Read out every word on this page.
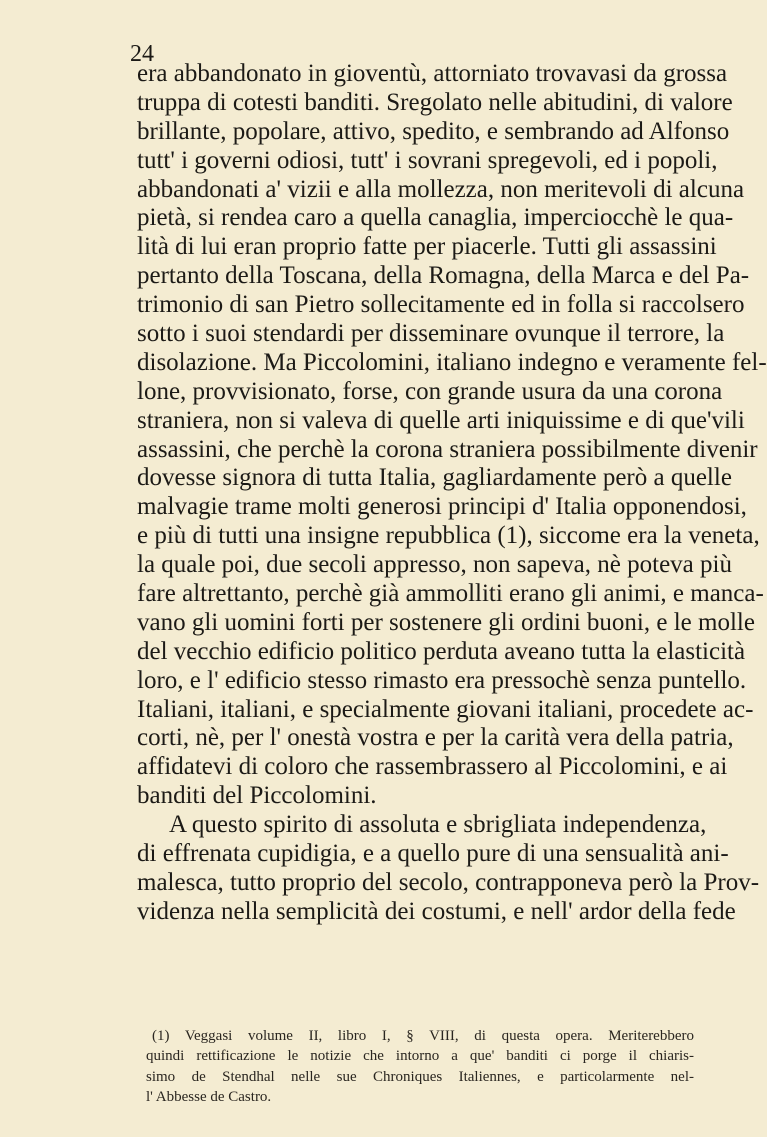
24

era abbandonato in gioventù, attorniato trovavasi da grossa
truppa di cotesti banditi. Sregolato nelle abitudini, di valore
brillante, popolare, attivo, spedito, e sembrando ad Alfonso
tutt' i governi odiosi, tutt' i sovrani spregevoli, ed i popoli,
abbandonati a' vizii e alla mollezza, non meritevoli di alcuna
pietà, si rendea caro a quella canaglia, imperciocchè le qua-
lità di lui eran proprio fatte per piacerle. Tutti gli assassini
pertanto della Toscana, della Romagna, della Marca e del Pa-
trimonio di san Pietro sollecitamente ed in folla si raccolsero
sotto i suoi stendardi per disseminare ovunque il terrore, la
disolazione. Ma Piccolomini, italiano indegno e veramente fel-
lone, provvisionato, forse, con grande usura da una corona
straniera, non si valeva di quelle arti iniquissime e di que'vili
assassini, che perchè la corona straniera possibilmente divenir
dovesse signora di tutta Italia, gagliardamente però a quelle
malvagie trame molti generosi principi d' Italia opponendosi,
e più di tutti una insigne repubblica (1), siccome era la veneta,
la quale poi, due secoli appresso, non sapeva, nè poteva più
fare altrettanto, perchè già ammolliti erano gli animi, e manca-
vano gli uomini forti per sostenere gli ordini buoni, e le molle
del vecchio edificio politico perduta aveano tutta la elasticità
loro, e l' edificio stesso rimasto era pressochè senza puntello.
Italiani, italiani, e specialmente giovani italiani, procedete ac-
corti, nè, per l' onestà vostra e per la carità vera della patria,
affidatevi di coloro che rassembrassero al Piccolomini, e ai
banditi del Piccolomini.
A questo spirito di assoluta e sbrigliata independenza,
di effrenata cupidigia, e a quello pure di una sensualità ani-
malesca, tutto proprio del secolo, contrapponeva però la Prov-
videnza nella semplicità dei costumi, e nell' ardor della fede
(1) Veggasi volume II, libro I, § VIII, di questa opera. Meriterebbero
quindi rettificazione le notizie che intorno a que' banditi ci porge il chiaris-
simo de Stendhal nelle sue Chroniques Italiennes, e particolarmente nel-
l' Abbesse de Castro.
